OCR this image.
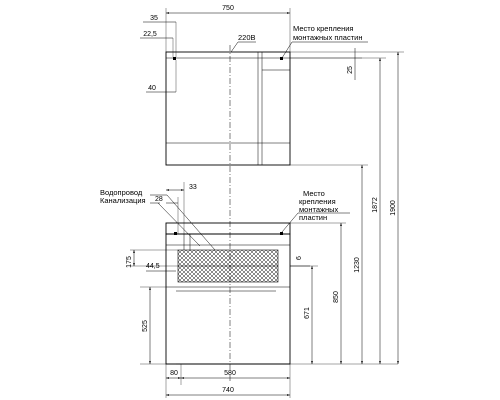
750
35
22,5
40
220В
Место крепления
монтажных пластин
25
Водопровод
Канализация
33
28
175 44,5
6
Место
крепления
монтажных
пластин
525
671
850
1230
1872 1900
80	580
740
